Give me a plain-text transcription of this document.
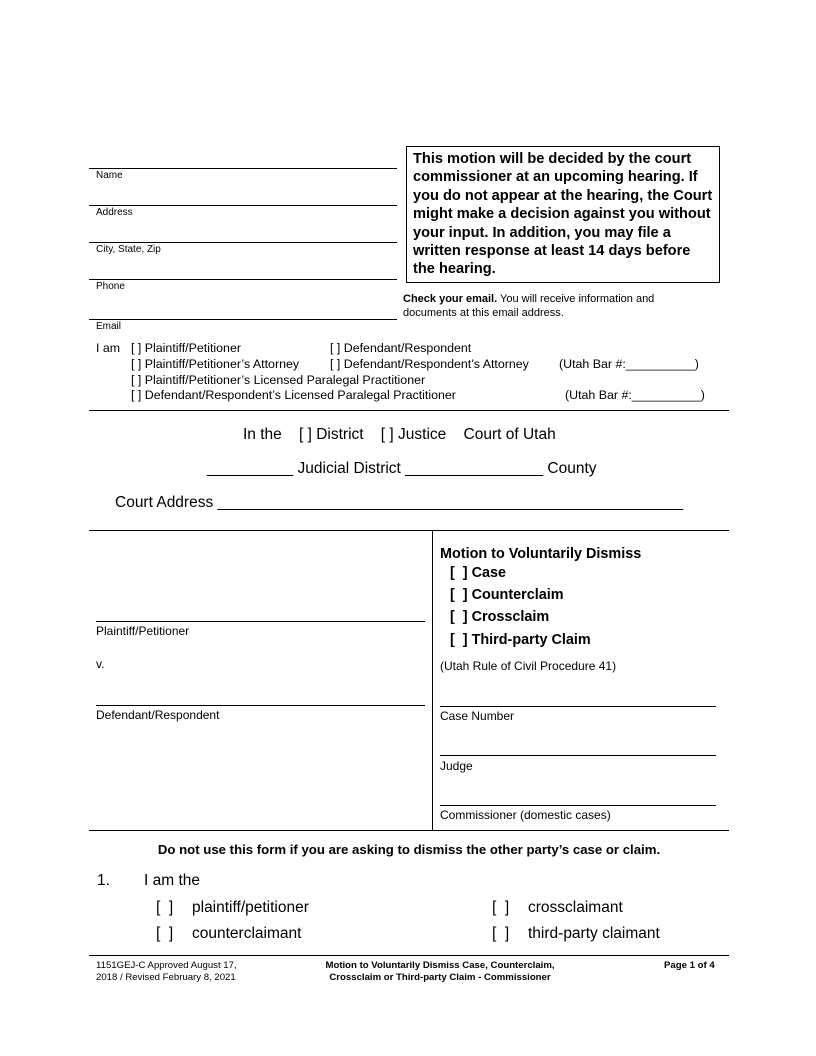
Name
Address
City, State, Zip
Phone
Email
This motion will be decided by the court commissioner at an upcoming hearing. If you do not appear at the hearing, the Court might make a decision against you without your input. In addition, you may file a written response at least 14 days before the hearing.
Check your email. You will receive information and documents at this email address.
I am [ ] Plaintiff/Petitioner	[ ] Defendant/Respondent
[ ] Plaintiff/Petitioner’s Attorney [ ] Defendant/Respondent’s Attorney (Utah Bar #:__________)
[ ] Plaintiff/Petitioner’s Licensed Paralegal Practitioner
[ ] Defendant/Respondent’s Licensed Paralegal Practitioner	(Utah Bar #:__________)
In the    [ ] District    [ ] Justice    Court of Utah
__________ Judicial District ________________ County
Court Address ______________________________________________________
Plaintiff/Petitioner
v.
Defendant/Respondent
Motion to Voluntarily Dismiss
[  ] Case
[  ] Counterclaim
[  ] Crossclaim
[  ] Third-party Claim
(Utah Rule of Civil Procedure 41)
Case Number
Judge
Commissioner (domestic cases)
Do not use this form if you are asking to dismiss the other party’s case or claim.
1. I am the
[  ] plaintiff/petitioner	[  ] crossclaimant
[  ] counterclaimant	[  ] third-party claimant
1151GEJ-C Approved August 17,
2018 / Revised February 8, 2021
Motion to Voluntarily Dismiss Case, Counterclaim,
Crossclaim or Third-party Claim - Commissioner
Page 1 of 4
